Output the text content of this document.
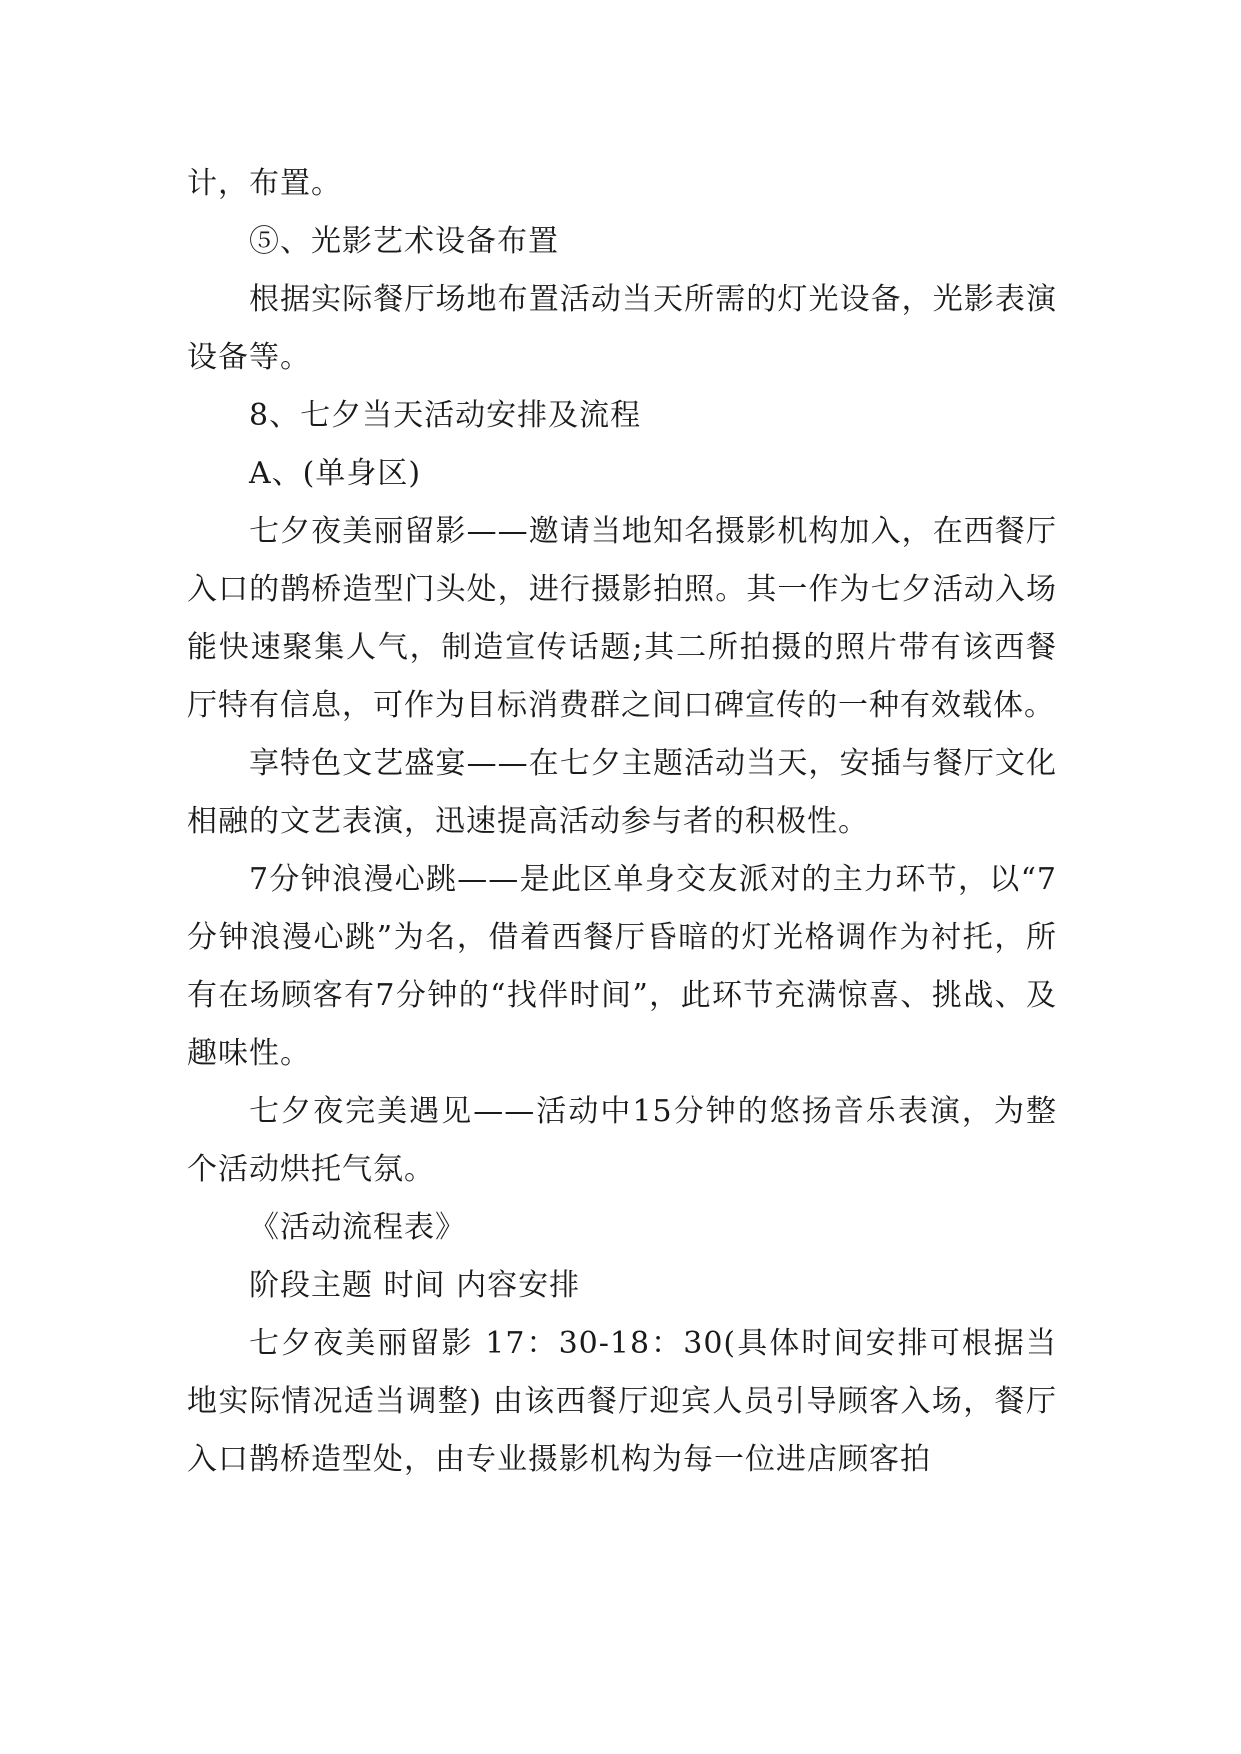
计，布置。

⑤、光影艺术设备布置

根据实际餐厅场地布置活动当天所需的灯光设备，光影表演设备等。

8、七夕当天活动安排及流程

A、(单身区)

七夕夜美丽留影——邀请当地知名摄影机构加入，在西餐厅入口的鹊桥造型门头处，进行摄影拍照。其一作为七夕活动入场能快速聚集人气，制造宣传话题;其二所拍摄的照片带有该西餐厅特有信息，可作为目标消费群之间口碑宣传的一种有效载体。

享特色文艺盛宴——在七夕主题活动当天，安插与餐厅文化相融的文艺表演，迅速提高活动参与者的积极性。

7分钟浪漫心跳——是此区单身交友派对的主力环节，以“7分钟浪漫心跳”为名，借着西餐厅昏暗的灯光格调作为衬托，所有在场顾客有7分钟的“找伴时间”，此环节充满惊喜、挑战、及趣味性。

七夕夜完美遇见——活动中15分钟的悠扬音乐表演，为整个活动烘托气氛。

《活动流程表》

阶段主题 时间 内容安排

七夕夜美丽留影 17：30-18：30(具体时间安排可根据当地实际情况适当调整) 由该西餐厅迎宾人员引导顾客入场，餐厅入口鹊桥造型处，由专业摄影机构为每一位进店顾客拍
